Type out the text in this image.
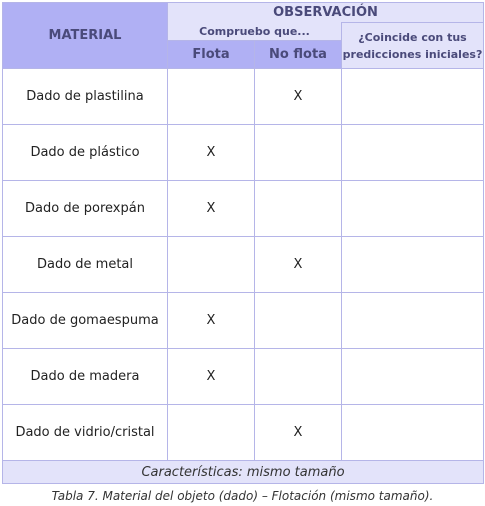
MATERIAL	OBSERVACIÓN		
	Compruebo que...		¿Coincide con tus predicciones iniciales?
	Flota	No flota	
Dado de plastilina		X	
Dado de plástico	X		
Dado de porexpán	X		
Dado de metal		X	
Dado de gomaespuma	X		
Dado de madera	X		
Dado de vidrio/cristal		X	
Características: mismo tamaño			
Tabla 7. Material del objeto (dado) – Flotación (mismo tamaño).
